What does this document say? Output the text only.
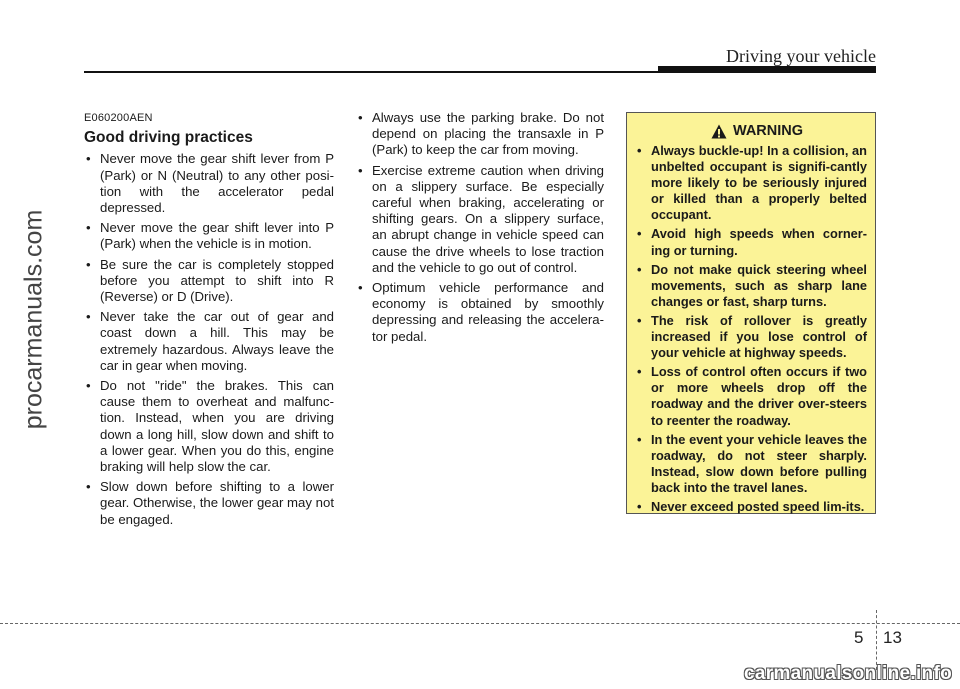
Driving your vehicle
procarmanuals.com
E060200AEN
Good driving practices
• Never move the gear shift lever from P (Park) or N (Neutral) to any other posi-tion with the accelerator pedal depressed.
• Never move the gear shift lever into P (Park) when the vehicle is in motion.
• Be sure the car is completely stopped before you attempt to shift into R (Reverse) or D (Drive).
• Never take the car out of gear and coast down a hill. This may be extremely hazardous. Always leave the car in gear when moving.
• Do not "ride" the brakes. This can cause them to overheat and malfunc-tion. Instead, when you are driving down a long hill, slow down and shift to a lower gear. When you do this, engine braking will help slow the car.
• Slow down before shifting to a lower gear. Otherwise, the lower gear may not be engaged.
• Always use the parking brake. Do not depend on placing the transaxle in P (Park) to keep the car from moving.
• Exercise extreme caution when driving on a slippery surface. Be especially careful when braking, accelerating or shifting gears. On a slippery surface, an abrupt change in vehicle speed can cause the drive wheels to lose traction and the vehicle to go out of control.
• Optimum vehicle performance and economy is obtained by smoothly depressing and releasing the accelera-tor pedal.
WARNING
• Always buckle-up! In a collision, an unbelted occupant is signifi-cantly more likely to be seriously injured or killed than a properly belted occupant.
• Avoid high speeds when corner-ing or turning.
• Do not make quick steering wheel movements, such as sharp lane changes or fast, sharp turns.
• The risk of rollover is greatly increased if you lose control of your vehicle at highway speeds.
• Loss of control often occurs if two or more wheels drop off the roadway and the driver over-steers to reenter the roadway.
• In the event your vehicle leaves the roadway, do not steer sharply. Instead, slow down before pulling back into the travel lanes.
• Never exceed posted speed lim-its.
5 13
carmanualsonline.info
